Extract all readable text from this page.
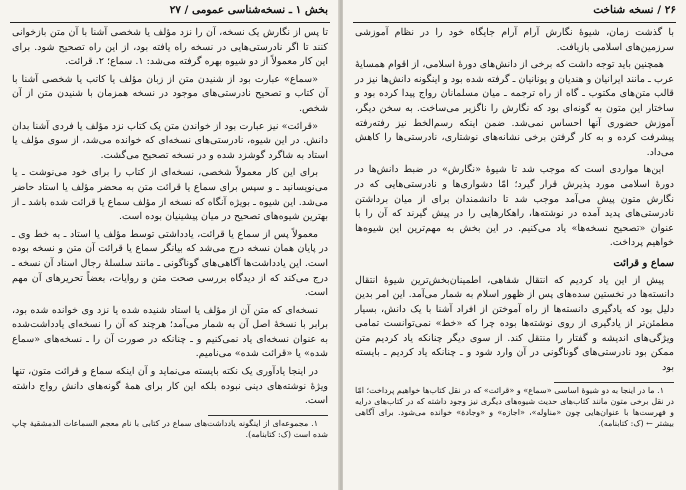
بخش ۱ ـ نسخه‌شناسی عمومی / ۲۷

تا پس از نگارش یک نسخه، آن را نزد مؤلف یا شخصی آشنا با آن متن بازخوانی کنند تا اگر نادرستی‌هایی در نسخه راه یافته بود، از این راه تصحیح شود. برای این کار معمولاً از دو شیوه بهره گرفته می‌شد: ۱. سماع؛ ۲. قرائت.

«سماع» عبارت بود از شنیدن متن از زبان مؤلف یا کاتب یا شخصی آشنا با آن کتاب و تصحیح نادرستی‌های موجود در نسخه همزمان با شنیدن متن از آن شخص.

«قرائت» نیز عبارت بود از خواندن متن یک کتاب نزد مؤلف یا فردی آشنا بدان دانش. در این شیوه، نادرستی‌های نسخه‌ای که خوانده می‌شد، از سوی مؤلف یا استاد به شاگرد گوشزد شده و در نسخه تصحیح می‌گشت.

برای این کار معمولاً شخصی، نسخه‌ای از کتاب را برای خود می‌نوشت ـ یا می‌نویسانید ـ و سپس برای سماع یا قرائت متن به محضر مؤلف یا استاد حاضر می‌شد. این شیوه ـ بویژه آنگاه که نسخه از مؤلف سماع یا قرائت شده باشد ـ از بهترین شیوه‌های تصحیح در میان پیشینیان بوده است.

معمولاً پس از سماع یا قرائت، یادداشتی توسط مؤلف یا استاد ـ به خط وی ـ در پایان همان نسخه درج می‌شد که بیانگر سماع یا قرائت آن متن و نسخه بوده است. این یادداشت‌ها آگاهی‌های گوناگونی ـ مانند سلسلهٔ رجال اسناد آن نسخه ـ درج می‌کند که از دیدگاه بررسی صحت متن و روایات، بعضاً تحریرهای آن مهم است.

نسخه‌ای که متن آن از مؤلف یا استاد شنیده شده یا نزد وی خوانده شده بود، برابر با نسخهٔ اصل آن به شمار می‌آمد؛ هرچند که آن را نسخه‌ای یادداشت‌شده به عنوان نسخه‌ای یاد نمی‌کنیم و ـ چنانکه در صورت آن را ـ نسخه‌های «سماع شده» یا «قرائت شده» می‌نامیم.

در اینجا یادآوری یک نکته بایسته می‌نماید و آن اینکه سماع و قرائت متون، تنها ویژهٔ نوشته‌های دینی نبوده بلکه این کار برای همهٔ گونه‌های دانش رواج داشته است.

۱. مجموعه‌ای از اینگونه یادداشت‌های سماع در کتابی با نام معجم السماعات الدمشقیة چاپ شده است (ک: کتابنامه).

۲۶ / نسخه شناخت

با گذشت زمان، شیوهٔ نگارش آرام آرام جایگاه خود را در نظام آموزشی سرزمین‌های اسلامی بازیافت.

همچنین باید توجه داشت که برخی از دانش‌های دورهٔ اسلامی، از اقوام همسایهٔ عرب ـ مانند ایرانیان و هندیان و یونانیان ـ گرفته شده بود و اینگونه دانش‌ها نیز در قالب متن‌های مکتوب ـ گاه از راه ترجمه ـ میان مسلمانان رواج پیدا کرده بود و ساختار این متون به گونه‌ای بود که نگارش را ناگزیر می‌ساخت. به سخن دیگر، آموزش حضوری آنها احساس نمی‌شد. ضمن اینکه رسم‌الخط نیز رفته‌رفته پیشرفت کرده و به کار گرفتن برخی نشانه‌های نوشتاری، نادرستی‌ها را کاهش می‌داد.

این‌ها مواردی است که موجب شد تا شیوهٔ «نگارش» در ضبط دانش‌ها در دورهٔ اسلامی مورد پذیرش قرار گیرد؛ امّا دشواری‌ها و نادرستی‌هایی که در نگارش متون پیش می‌آمد موجب شد تا دانشمندان برای از میان برداشتن نادرستی‌های پدید آمده در نوشته‌ها، راهکارهایی را در پیش گیرند که آن را با عنوان «تصحیح نسخه‌ها» یاد می‌کنیم. در این بخش به مهم‌ترین این شیوه‌ها خواهیم پرداخت.

سماع و قرائت

پیش از این یاد کردیم که انتقال شفاهی، اطمینان‌بخش‌ترین شیوهٔ انتقال دانسته‌ها در نخستین سده‌های پس از ظهور اسلام به شمار می‌آمد. این امر بدین دلیل بود که یادگیری دانسته‌ها از راه آموختن از افراد آشنا با یک دانش، بسیار مطمئن‌تر از یادگیری از روی نوشته‌ها بوده چرا که «خط» نمی‌توانست تمامی ویژگی‌های اندیشه و گفتار را منتقل کند. از سوی دیگر چنانکه یاد کردیم متن ممکن بود نادرستی‌های گوناگونی در آن وارد شود و ـ چنانکه یاد کردیم ـ بایسته بود

۱. ما در اینجا به دو شیوهٔ اساسی «سماع» و «قرائت» که در نقل کتاب‌ها خواهیم پرداخت؛ امّا در نقل برخی متون مانند کتاب‌های حدیث شیوه‌های دیگری نیز وجود داشته که در کتاب‌های درایه و فهرست‌ها با عنوان‌هایی چون «مناوله»، «اجازه» و «وجادة» خوانده می‌شود. برای آگاهی بیشتر ← (ک: کتابنامه).
